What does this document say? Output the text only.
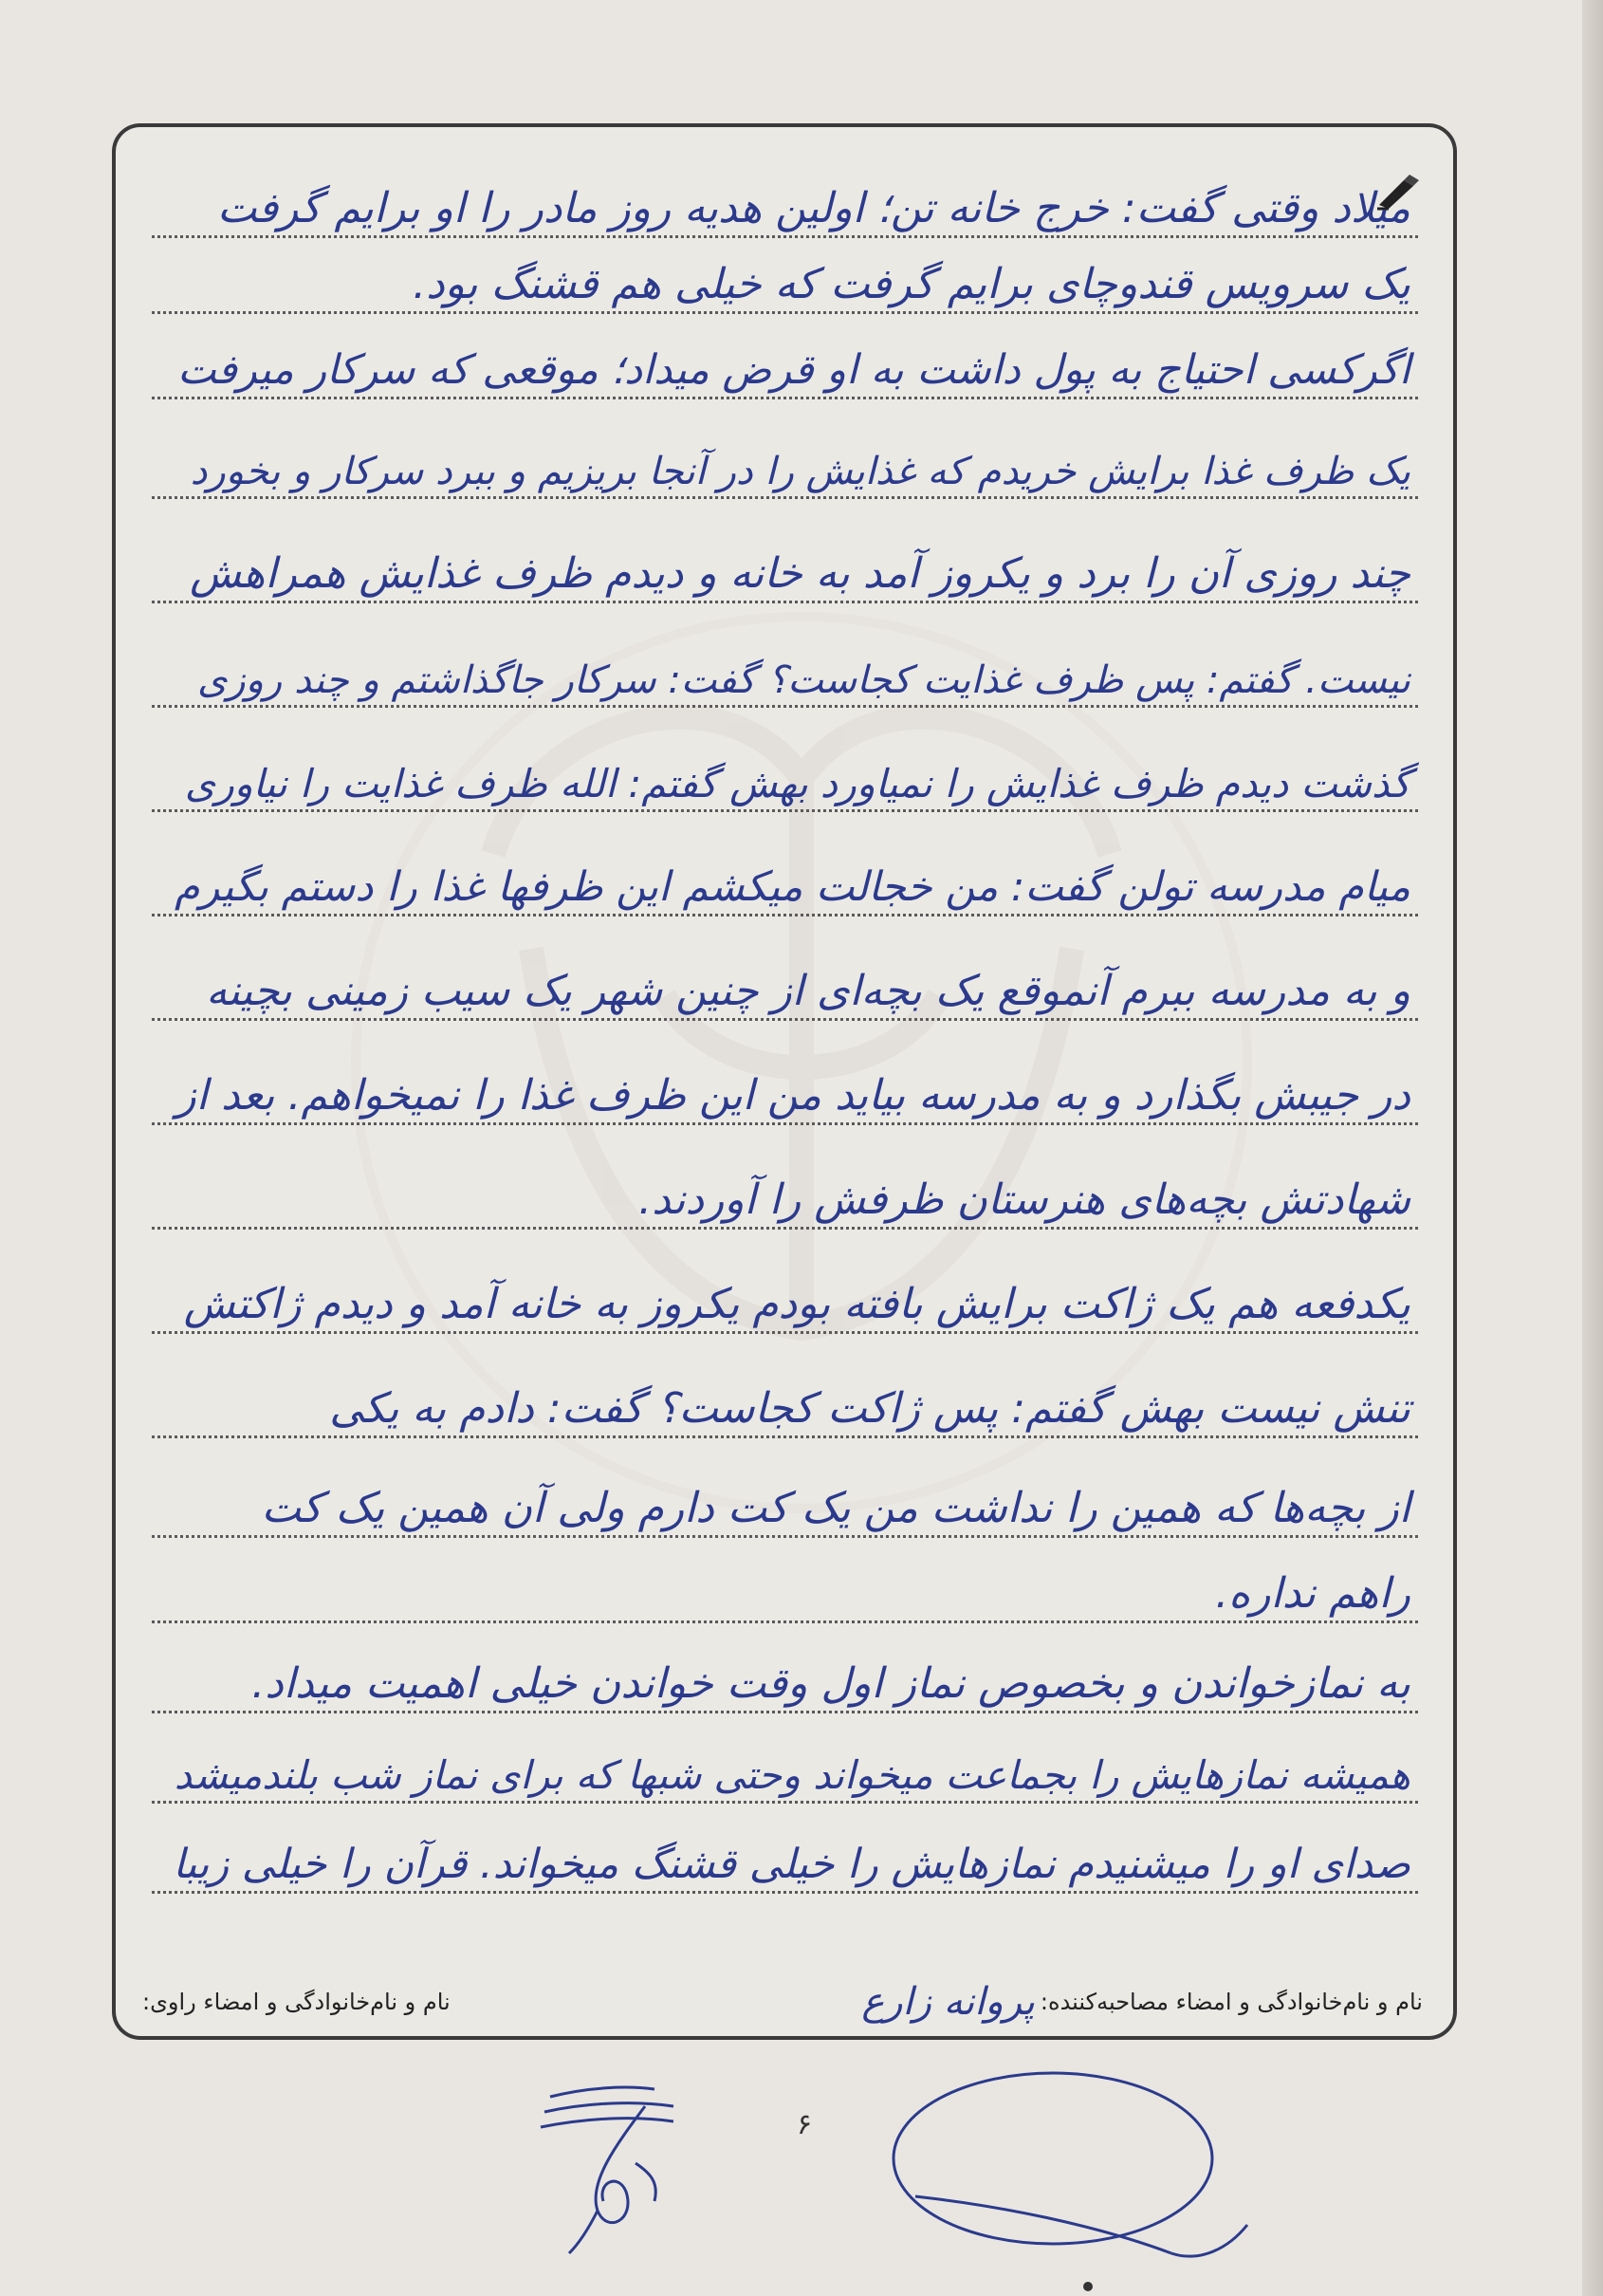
میلاد وقتی گفت: خرج خانه تن؛ اولین هدیه روز مادر را او برایم گرفت
یک سرویس قندوچای برایم گرفت که خیلی هم قشنگ بود.
اگرکسی احتیاج به پول داشت به او قرض میداد؛ موقعی که سرکار میرفت
یک ظرف غذا برایش خریدم که غذایش را در آنجا بریزیم و ببرد سرکار و بخورد
چند روزی آن را برد و یکروز آمد به خانه و دیدم ظرف غذایش همراهش
نیست. گفتم: پس ظرف غذایت کجاست؟ گفت: سرکار جاگذاشتم و چند روزی
گذشت دیدم ظرف غذایش را نمیاورد بهش گفتم: الله ظرف غذایت را نیاوری
میام مدرسه تولن گفت: من خجالت میکشم این ظرفها غذا را دستم بگیرم
و به مدرسه ببرم آنموقع یک بچه‌ای از چنین شهر یک سیب زمینی بچینه
در جیبش بگذارد و به مدرسه بیاید من این ظرف غذا را نمیخواهم. بعد از
شهادتش بچه‌های هنرستان ظرفش را آوردند.
یکدفعه هم یک ژاکت برایش بافته بودم یکروز به خانه آمد و دیدم ژاکتش
تنش نیست بهش گفتم: پس ژاکت کجاست؟ گفت: دادم به یکی
از بچه‌ها که همین را نداشت من یک کت دارم ولی آن همین یک کت
راهم نداره.
به نمازخواندن و بخصوص نماز اول وقت خواندن خیلی اهمیت میداد.
همیشه نمازهایش را بجماعت میخواند وحتی شبها که برای نماز شب بلندمیشد
صدای او را میشنیدم نمازهایش را خیلی قشنگ میخواند. قرآن را خیلی زیبا
نام و نام‌خانوادگی و امضاء مصاحبه‌کننده:
پروانه زارع
نام و نام‌خانوادگی و امضاء راوی:
۶
